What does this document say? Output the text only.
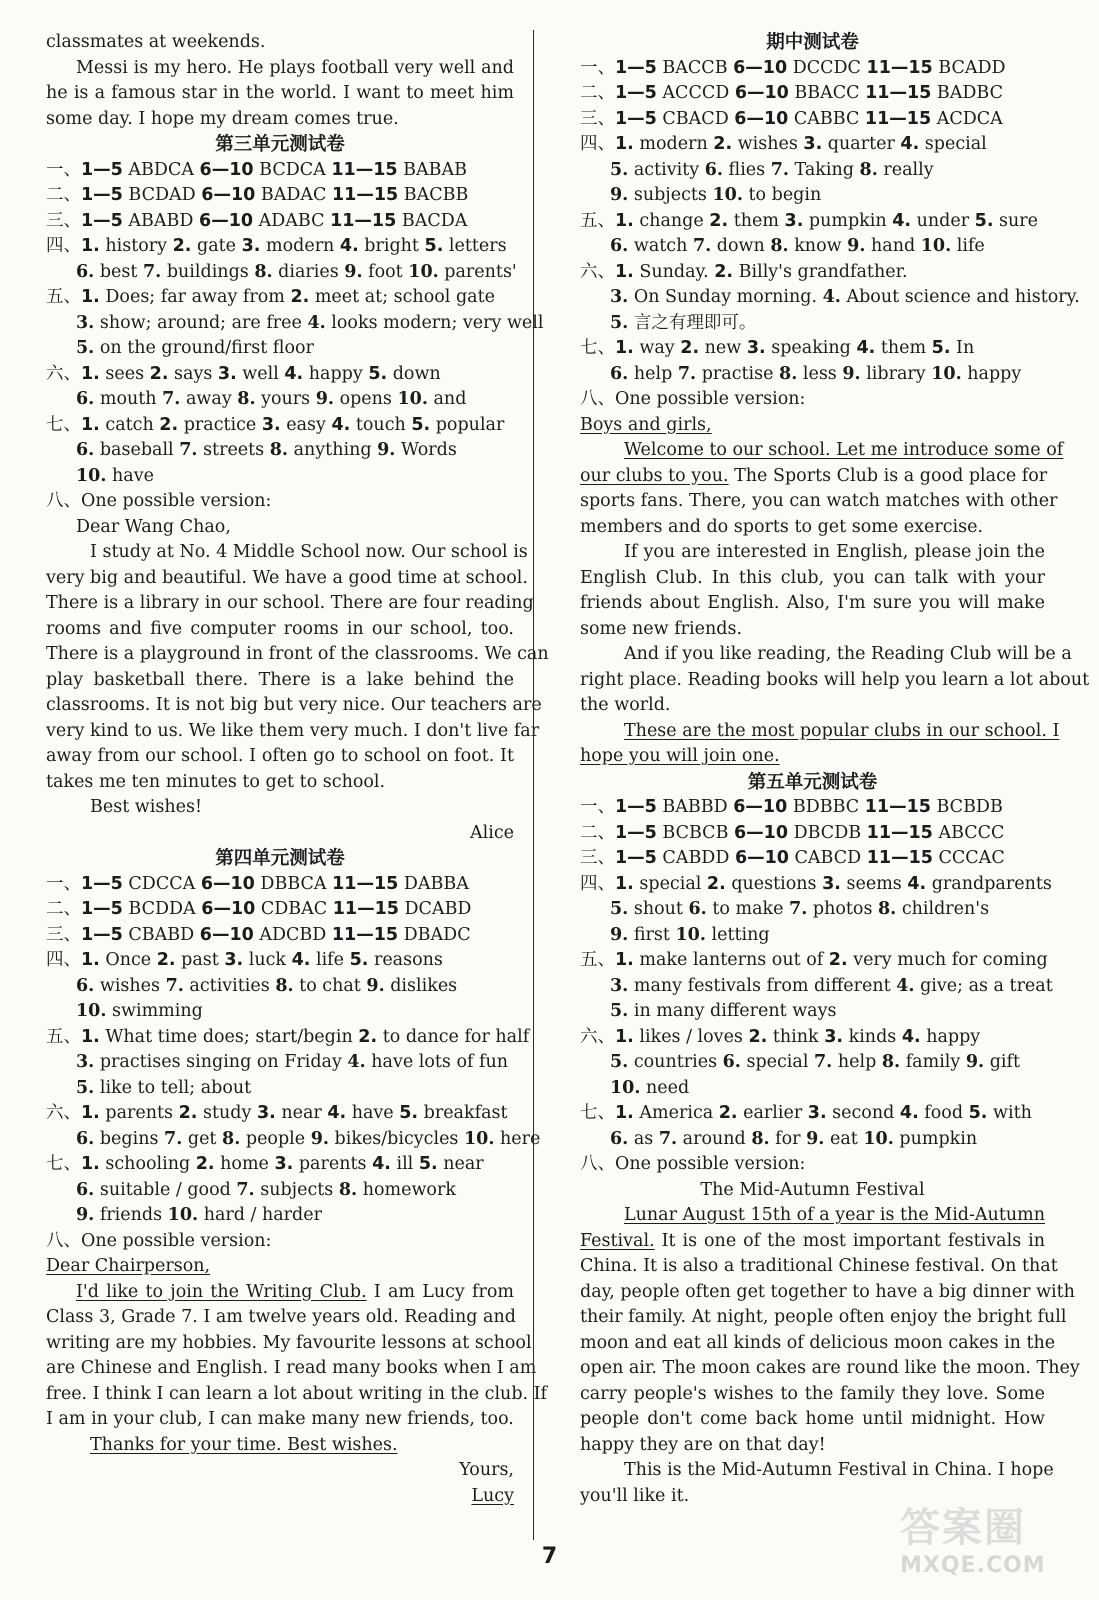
classmates at weekends.
Messi is my hero. He plays football very well and
he is a famous star in the world. I want to meet him
some day. I hope my dream comes true.
第三单元测试卷
一、1—5 ABDCA 6—10 BCDCA 11—15 BABAB
二、1—5 BCDAD 6—10 BADAC 11—15 BACBB
三、1—5 ABABD 6—10 ADABC 11—15 BACDA
四、1. history 2. gate 3. modern 4. bright 5. letters
6. best 7. buildings 8. diaries 9. foot 10. parents'
五、1. Does; far away from 2. meet at; school gate
3. show; around; are free 4. looks modern; very well
5. on the ground/first floor
六、1. sees 2. says 3. well 4. happy 5. down
6. mouth 7. away 8. yours 9. opens 10. and
七、1. catch 2. practice 3. easy 4. touch 5. popular
6. baseball 7. streets 8. anything 9. Words
10. have
八、One possible version:
Dear Wang Chao,
I study at No. 4 Middle School now. Our school is
very big and beautiful. We have a good time at school.
There is a library in our school. There are four reading
rooms and five computer rooms in our school, too.
There is a playground in front of the classrooms. We can
play basketball there. There is a lake behind the
classrooms. It is not big but very nice. Our teachers are
very kind to us. We like them very much. I don't live far
away from our school. I often go to school on foot. It
takes me ten minutes to get to school.
Best wishes!
Alice
第四单元测试卷
一、1—5 CDCCA 6—10 DBBCA 11—15 DABBA
二、1—5 BCDDA 6—10 CDBAC 11—15 DCABD
三、1—5 CBABD 6—10 ADCBD 11—15 DBADC
四、1. Once 2. past 3. luck 4. life 5. reasons
6. wishes 7. activities 8. to chat 9. dislikes
10. swimming
五、1. What time does; start/begin 2. to dance for half
3. practises singing on Friday 4. have lots of fun
5. like to tell; about
六、1. parents 2. study 3. near 4. have 5. breakfast
6. begins 7. get 8. people 9. bikes/bicycles 10. here
七、1. schooling 2. home 3. parents 4. ill 5. near
6. suitable / good 7. subjects 8. homework
9. friends 10. hard / harder
八、One possible version:
Dear Chairperson,
I'd like to join the Writing Club. I am Lucy from
Class 3, Grade 7. I am twelve years old. Reading and
writing are my hobbies. My favourite lessons at school
are Chinese and English. I read many books when I am
free. I think I can learn a lot about writing in the club. If
I am in your club, I can make many new friends, too.
Thanks for your time. Best wishes.
Yours,
Lucy
期中测试卷
一、1—5 BACCB 6—10 DCCDC 11—15 BCADD
二、1—5 ACCCD 6—10 BBACC 11—15 BADBC
三、1—5 CBACD 6—10 CABBC 11—15 ACDCA
四、1. modern 2. wishes 3. quarter 4. special
5. activity 6. flies 7. Taking 8. really
9. subjects 10. to begin
五、1. change 2. them 3. pumpkin 4. under 5. sure
6. watch 7. down 8. know 9. hand 10. life
六、1. Sunday. 2. Billy's grandfather.
3. On Sunday morning. 4. About science and history.
5. 言之有理即可。
七、1. way 2. new 3. speaking 4. them 5. In
6. help 7. practise 8. less 9. library 10. happy
八、One possible version:
Boys and girls,
Welcome to our school. Let me introduce some of
our clubs to you. The Sports Club is a good place for
sports fans. There, you can watch matches with other
members and do sports to get some exercise.
If you are interested in English, please join the
English Club. In this club, you can talk with your
friends about English. Also, I'm sure you will make
some new friends.
And if you like reading, the Reading Club will be a
right place. Reading books will help you learn a lot about
the world.
These are the most popular clubs in our school. I
hope you will join one.
第五单元测试卷
一、1—5 BABBD 6—10 BDBBC 11—15 BCBDB
二、1—5 BCBCB 6—10 DBCDB 11—15 ABCCC
三、1—5 CABDD 6—10 CABCD 11—15 CCCAC
四、1. special 2. questions 3. seems 4. grandparents
5. shout 6. to make 7. photos 8. children's
9. first 10. letting
五、1. make lanterns out of 2. very much for coming
3. many festivals from different 4. give; as a treat
5. in many different ways
六、1. likes / loves 2. think 3. kinds 4. happy
5. countries 6. special 7. help 8. family 9. gift
10. need
七、1. America 2. earlier 3. second 4. food 5. with
6. as 7. around 8. for 9. eat 10. pumpkin
八、One possible version:
The Mid-Autumn Festival
Lunar August 15th of a year is the Mid-Autumn
Festival. It is one of the most important festivals in
China. It is also a traditional Chinese festival. On that
day, people often get together to have a big dinner with
their family. At night, people often enjoy the bright full
moon and eat all kinds of delicious moon cakes in the
open air. The moon cakes are round like the moon. They
carry people's wishes to the family they love. Some
people don't come back home until midnight. How
happy they are on that day!
This is the Mid-Autumn Festival in China. I hope
you'll like it.
7
答案圈
MXQE.COM
